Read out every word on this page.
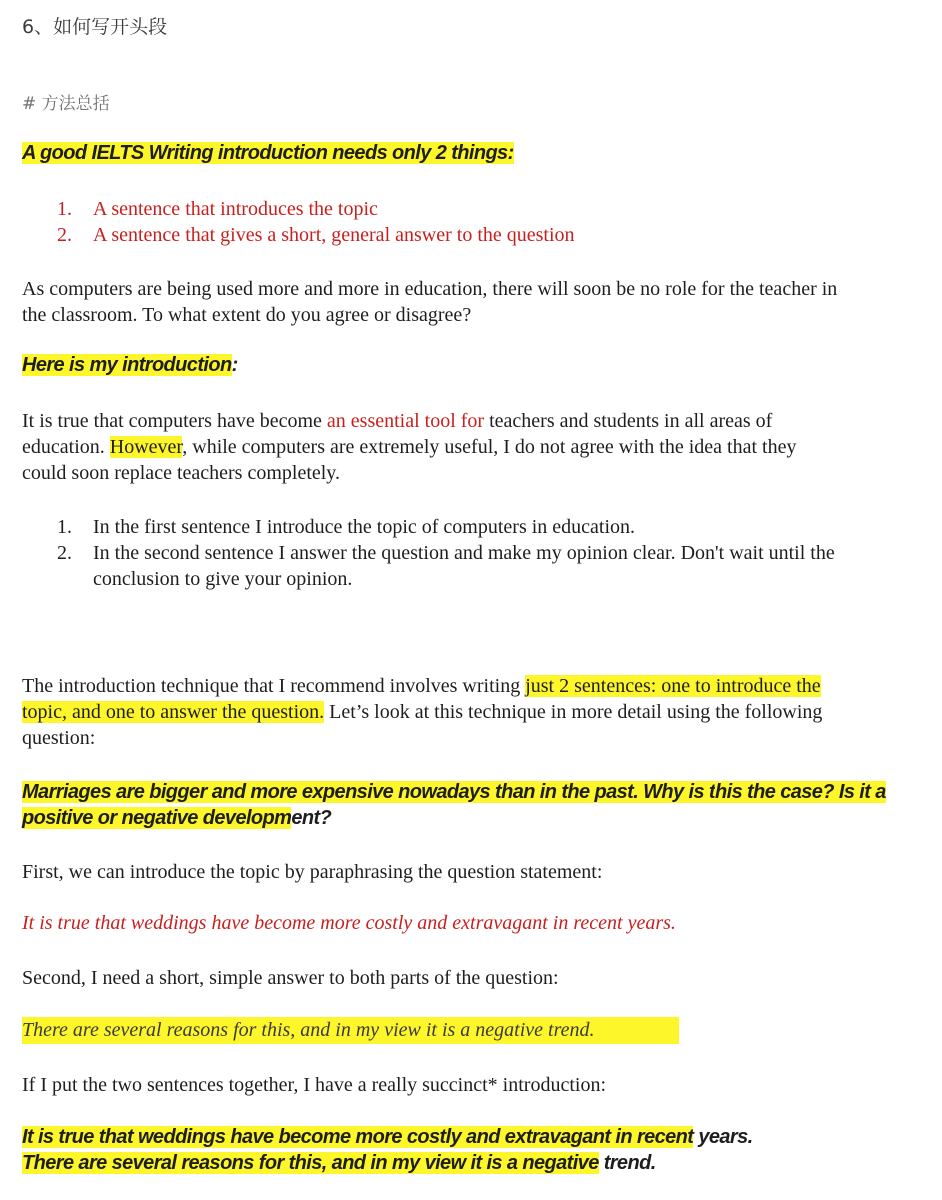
6、如何写开头段
# 方法总括
A good IELTS Writing introduction needs only 2 things:
1. A sentence that introduces the topic
2. A sentence that gives a short, general answer to the question
As computers are being used more and more in education, there will soon be no role for the teacher in the classroom. To what extent do you agree or disagree?
Here is my introduction:
It is true that computers have become an essential tool for teachers and students in all areas of education. However, while computers are extremely useful, I do not agree with the idea that they could soon replace teachers completely.
1. In the first sentence I introduce the topic of computers in education.
2. In the second sentence I answer the question and make my opinion clear. Don't wait until the conclusion to give your opinion.
The introduction technique that I recommend involves writing just 2 sentences: one to introduce the topic, and one to answer the question. Let’s look at this technique in more detail using the following question:
Marriages are bigger and more expensive nowadays than in the past. Why is this the case? Is it a positive or negative development?
First, we can introduce the topic by paraphrasing the question statement:
It is true that weddings have become more costly and extravagant in recent years.
Second, I need a short, simple answer to both parts of the question:
There are several reasons for this, and in my view it is a negative trend.
If I put the two sentences together, I have a really succinct* introduction:
It is true that weddings have become more costly and extravagant in recent years.
There are several reasons for this, and in my view it is a negative trend.
